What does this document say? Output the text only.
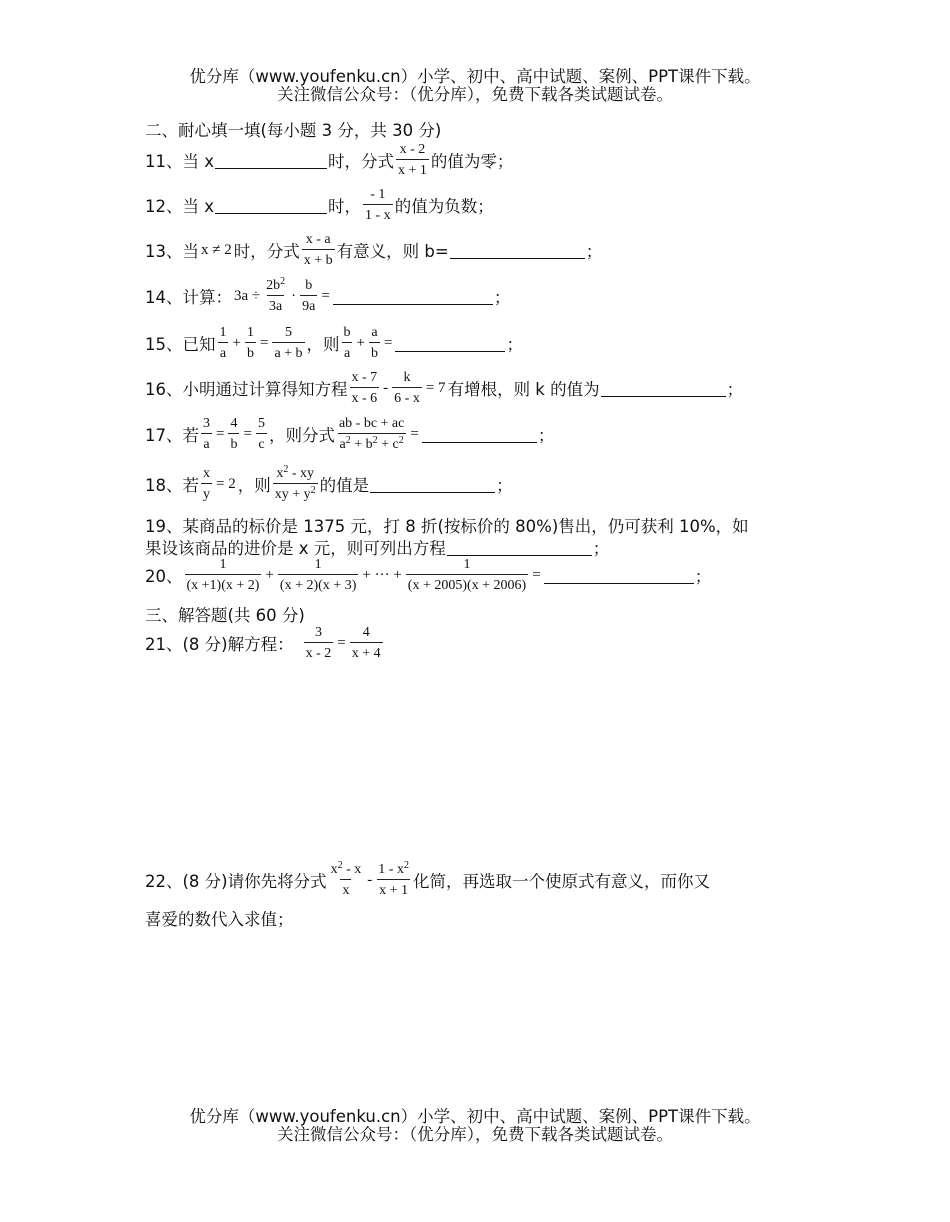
优分库（www.youfenku.cn）小学、初中、高中试题、案例、PPT课件下载。
关注微信公众号：（优分库），免费下载各类试题试卷。
二、耐心填一填(每小题 3 分，共 30 分)
11、当 x	时，分式 $\frac{x - 2}{x + 1}$ 的值为零；
12、当 x	时， $\frac{- 1}{1 - x}$ 的值为负数；
13、当 x ≠ 2 时，分式 $\frac{x - a}{x + b}$ 有意义，则 b=	；
14、计算： $3a \div \frac{2b^2}{3a} \cdot \frac{b}{9a}$ =	；
15、已知 $\frac{1}{a} + \frac{1}{b} = \frac{5}{a + b}$ ，则 $\frac{b}{a} + \frac{a}{b}$ =	；
16、小明通过计算得知方程 $\frac{x - 7}{x - 6} - \frac{k}{6 - x} = 7$ 有增根，则 k 的值为	；
17、若 $\frac{3}{a} = \frac{4}{b} = \frac{5}{c}$ ，则分式 $\frac{ab - bc + ac}{a^2 + b^2 + c^2}$ =	；
18、若 $\frac{x}{y} = 2$ ，则 $\frac{x^2 - xy}{xy + y^2}$ 的值是	；
19、某商品的标价是 1375 元，打 8 折(按标价的 80%)售出，仍可获利 10%，如
果设该商品的进价是 x 元，则可列出方程	；
20、 $\frac{1}{(x +1)(x + 2)} + \frac{1}{(x + 2)(x + 3)}$ + ··· + $\frac{1}{(x + 2005)(x + 2006)}$ =	；
三、解答题(共 60 分)
21、(8 分)解方程： $\frac{3}{x - 2} = \frac{4}{x + 4}$
22、(8 分)请你先将分式 $\frac{x^2 - x}{x} - \frac{1 - x^2}{x + 1}$ 化简，再选取一个使原式有意义，而你又
喜爱的数代入求值；
优分库（www.youfenku.cn）小学、初中、高中试题、案例、PPT课件下载。
关注微信公众号：（优分库），免费下载各类试题试卷。
